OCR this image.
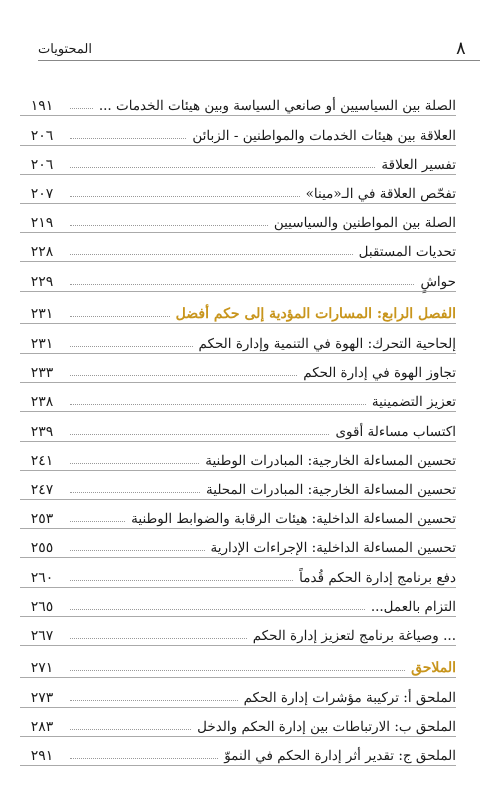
٨
المحتويات
الصلة بين السياسيين أو صانعي السياسة وبين هيئات الخدمات ...
١٩١
العلاقة بين هيئات الخدمات والمواطنين - الزبائن
٢٠٦
تفسير العلاقة
٢٠٦
تفحّص العلاقة في الـ«مينا»
٢٠٧
الصلة بين المواطنين والسياسيين
٢١٩
تحديات المستقبل
٢٢٨
حواشٍ
٢٢٩
الفصل الرابع: المسارات المؤدية إلى حكم أفضل
٢٣١
إلحاحية التحرك: الهوة في التنمية وإدارة الحكم
٢٣١
تجاوز الهوة في إدارة الحكم
٢٣٣
تعزيز التضمينية
٢٣٨
اكتساب مساءلة أقوى
٢٣٩
تحسين المساءلة الخارجية: المبادرات الوطنية
٢٤١
تحسين المساءلة الخارجية: المبادرات المحلية
٢٤٧
تحسين المساءلة الداخلية: هيئات الرقابة والضوابط الوطنية
٢٥٣
تحسين المساءلة الداخلية: الإجراءات الإدارية
٢٥٥
دفع برنامج إدارة الحكم قُدماً
٢٦٠
التزام بالعمل...
٢٦٥
... وصياغة برنامج لتعزيز إدارة الحكم
٢٦٧
الملاحق
٢٧١
الملحق أ: تركيبة مؤشرات إدارة الحكم
٢٧٣
الملحق ب: الارتباطات بين إدارة الحكم والدخل
٢٨٣
الملحق ج: تقدير أثر إدارة الحكم في النموّ
٢٩١
